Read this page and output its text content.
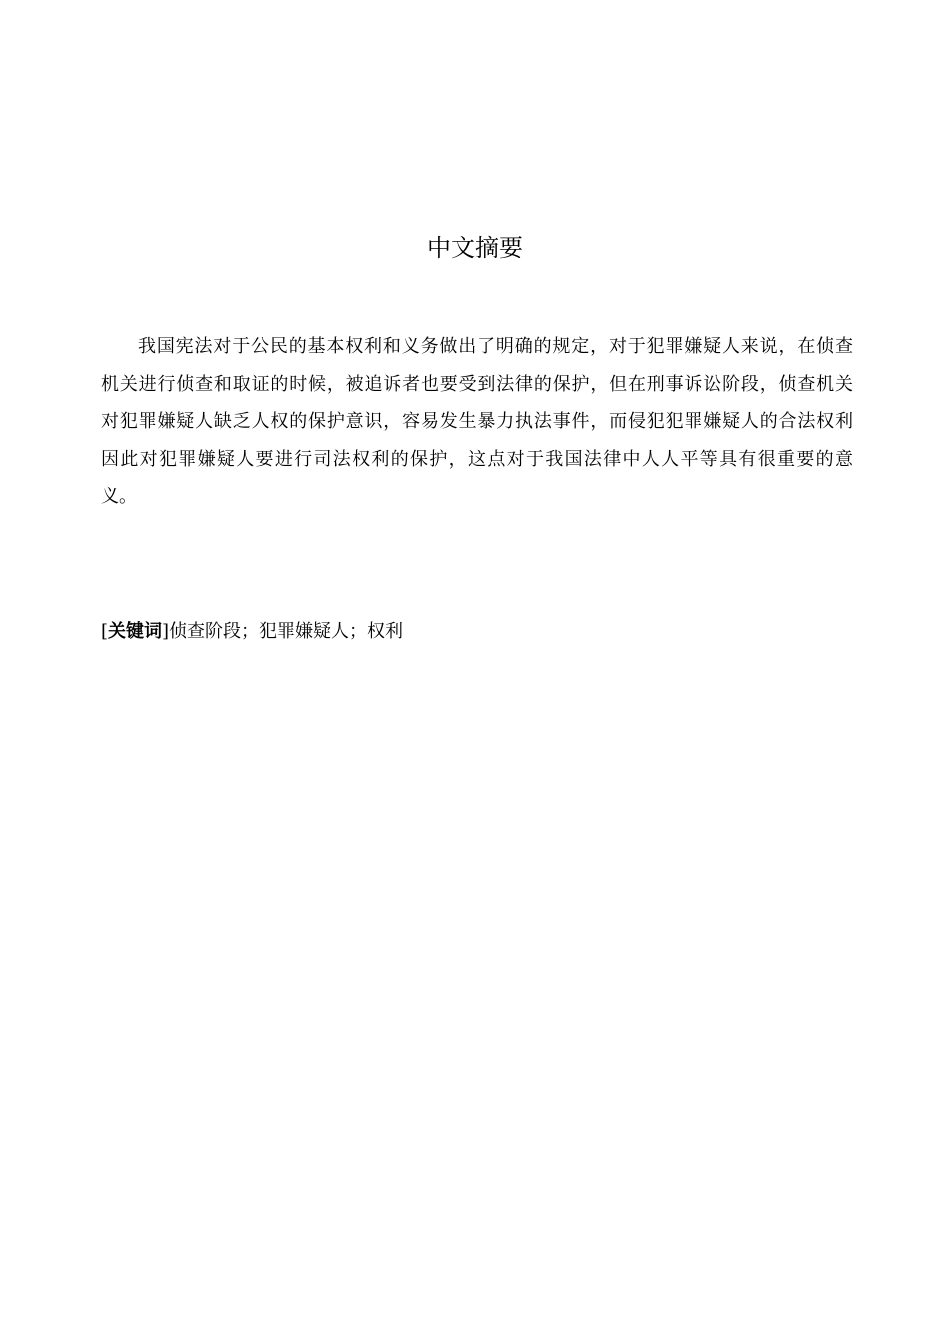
中文摘要
我国宪法对于公民的基本权利和义务做出了明确的规定，对于犯罪嫌疑人来说，在侦查
机关进行侦查和取证的时候，被追诉者也要受到法律的保护，但在刑事诉讼阶段，侦查机关
对犯罪嫌疑人缺乏人权的保护意识，容易发生暴力执法事件，而侵犯犯罪嫌疑人的合法权利
因此对犯罪嫌疑人要进行司法权利的保护，这点对于我国法律中人人平等具有很重要的意
义。

[关键词]侦查阶段；犯罪嫌疑人；权利
